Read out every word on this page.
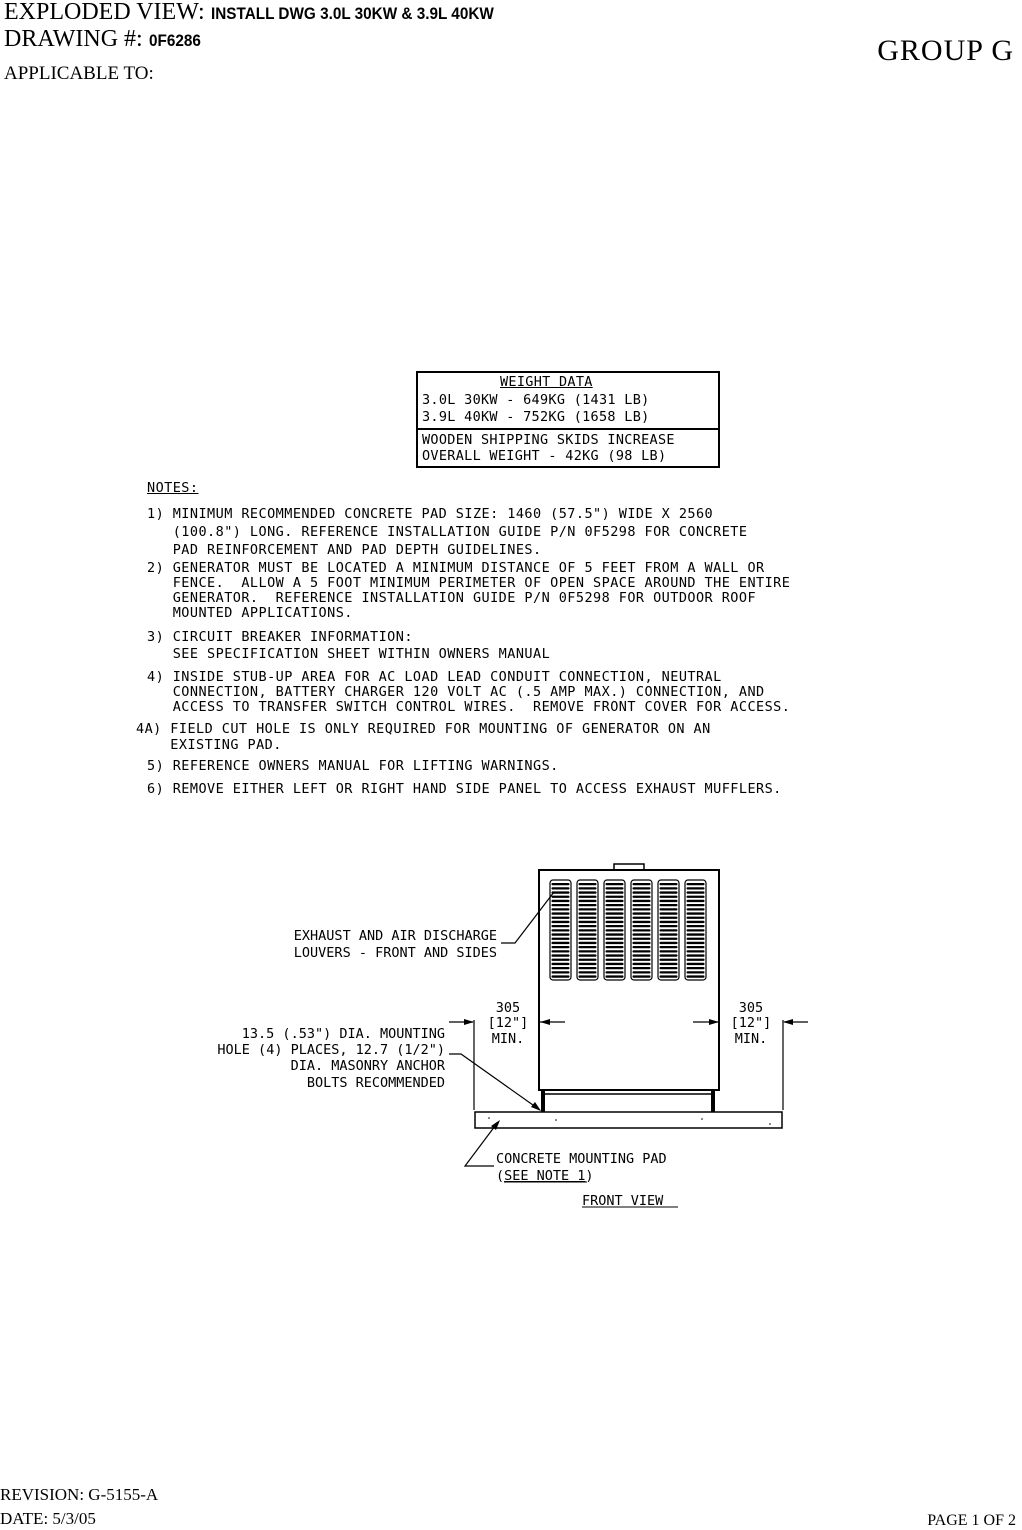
EXPLODED VIEW: INSTALL DWG 3.0L 30KW & 3.9L 40KW
DRAWING #: 0F6286
APPLICABLE TO:
GROUP G
WEIGHT DATA
3.0L 30KW - 649KG (1431 LB)
3.9L 40KW - 752KG (1658 LB)
WOODEN SHIPPING SKIDS INCREASE
OVERALL WEIGHT - 42KG (98 LB)
NOTES:
1) MINIMUM RECOMMENDED CONCRETE PAD SIZE: 1460 (57.5") WIDE X 2560
(100.8") LONG. REFERENCE INSTALLATION GUIDE P/N 0F5298 FOR CONCRETE
PAD REINFORCEMENT AND PAD DEPTH GUIDELINES.
2) GENERATOR MUST BE LOCATED A MINIMUM DISTANCE OF 5 FEET FROM A WALL OR
FENCE.  ALLOW A 5 FOOT MINIMUM PERIMETER OF OPEN SPACE AROUND THE ENTIRE
GENERATOR.  REFERENCE INSTALLATION GUIDE P/N 0F5298 FOR OUTDOOR ROOF
MOUNTED APPLICATIONS.
3) CIRCUIT BREAKER INFORMATION:
SEE SPECIFICATION SHEET WITHIN OWNERS MANUAL
4) INSIDE STUB-UP AREA FOR AC LOAD LEAD CONDUIT CONNECTION, NEUTRAL
CONNECTION, BATTERY CHARGER 120 VOLT AC (.5 AMP MAX.) CONNECTION, AND
ACCESS TO TRANSFER SWITCH CONTROL WIRES.  REMOVE FRONT COVER FOR ACCESS.
4A) FIELD CUT HOLE IS ONLY REQUIRED FOR MOUNTING OF GENERATOR ON AN
EXISTING PAD.
5) REFERENCE OWNERS MANUAL FOR LIFTING WARNINGS.
6) REMOVE EITHER LEFT OR RIGHT HAND SIDE PANEL TO ACCESS EXHAUST MUFFLERS.
EXHAUST AND AIR DISCHARGE
LOUVERS - FRONT AND SIDES
305
[12"]
MIN.
305
[12"]
MIN.
13.5 (.53") DIA. MOUNTING
HOLE (4) PLACES, 12.7 (1/2")
DIA. MASONRY ANCHOR
BOLTS RECOMMENDED
CONCRETE MOUNTING PAD
(SEE NOTE 1)
FRONT VIEW
REVISION: G-5155-A
DATE: 5/3/05	PAGE 1 OF 2
